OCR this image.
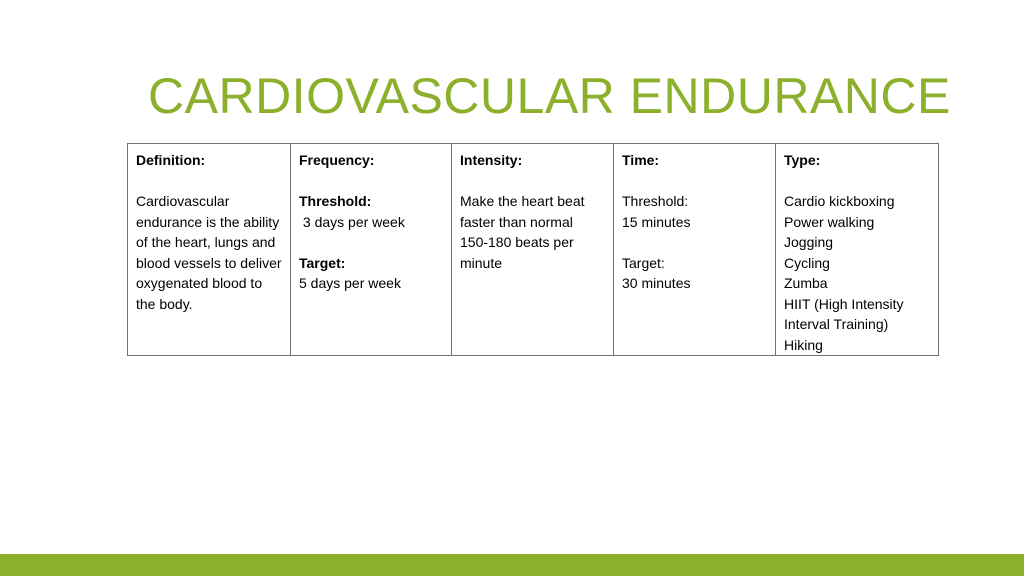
CARDIOVASCULAR ENDURANCE
Definition:
Cardiovascular endurance is the ability of the heart, lungs and blood vessels to deliver oxygenated blood to the body.

Frequency:
Threshold:
3 days per week
Target:
5 days per week

Intensity:
Make the heart beat faster than normal
150-180 beats per minute

Time:
Threshold:
15 minutes
Target:
30 minutes

Type:
Cardio kickboxing
Power walking
Jogging
Cycling
Zumba
HIIT (High Intensity Interval Training)
Hiking
